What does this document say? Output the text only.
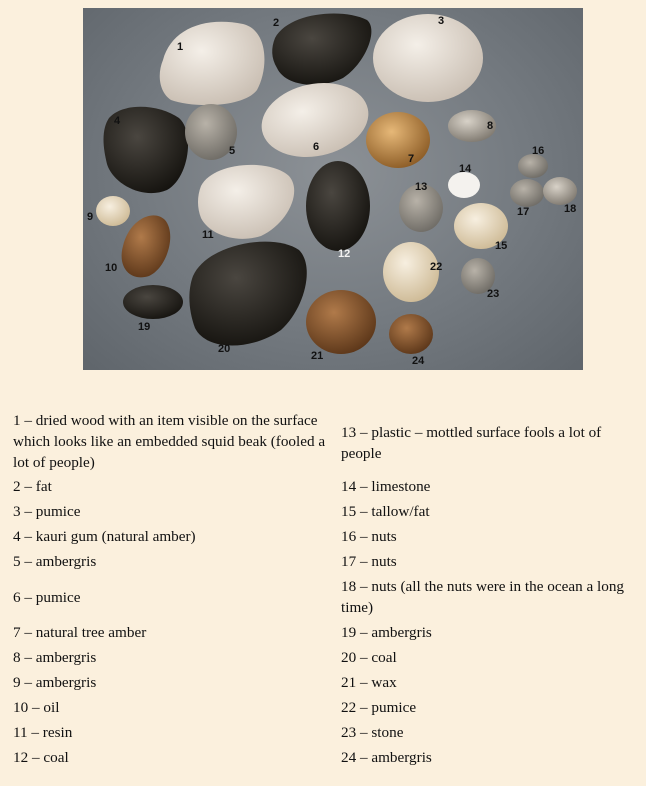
1
2	3
4
5	6
7
8
9
10
11
12
13
14
15
16
17	18
19
20
21
22
23
24
1 – dried wood with an item visible on the surface which looks like an embedded squid beak (fooled a lot of people)
2 – fat
3 – pumice
4 – kauri gum (natural amber)
5 – ambergris
6 – pumice
7 – natural tree amber
8 – ambergris
9 – ambergris
10 – oil
11 – resin
12 – coal
13 – plastic – mottled surface fools a lot of people
14 – limestone
15 – tallow/fat
16 – nuts
17 – nuts
18 – nuts (all the nuts were in the ocean a long time)
19 – ambergris
20 – coal
21 – wax
22 – pumice
23 – stone
24 – ambergris
